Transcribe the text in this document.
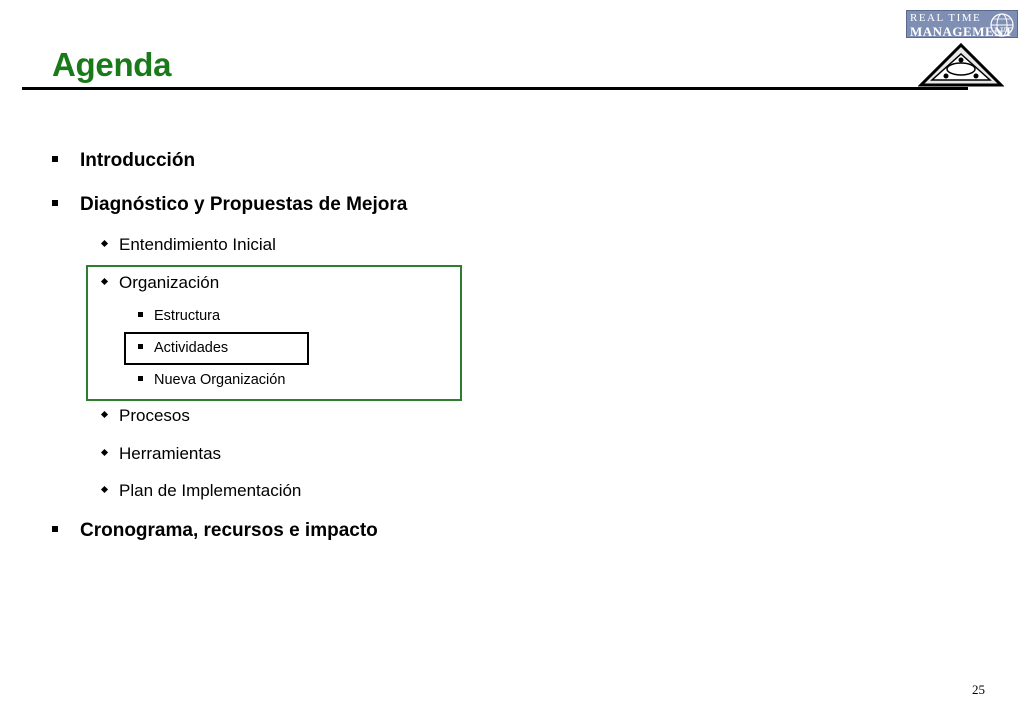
Agenda
REAL TIME
MANAGEMENT
Introducción
Diagnóstico y Propuestas de Mejora
Entendimiento Inicial
Organización
Estructura
Actividades
Nueva Organización
Procesos
Herramientas
Plan de Implementación
Cronograma, recursos e impacto
25
